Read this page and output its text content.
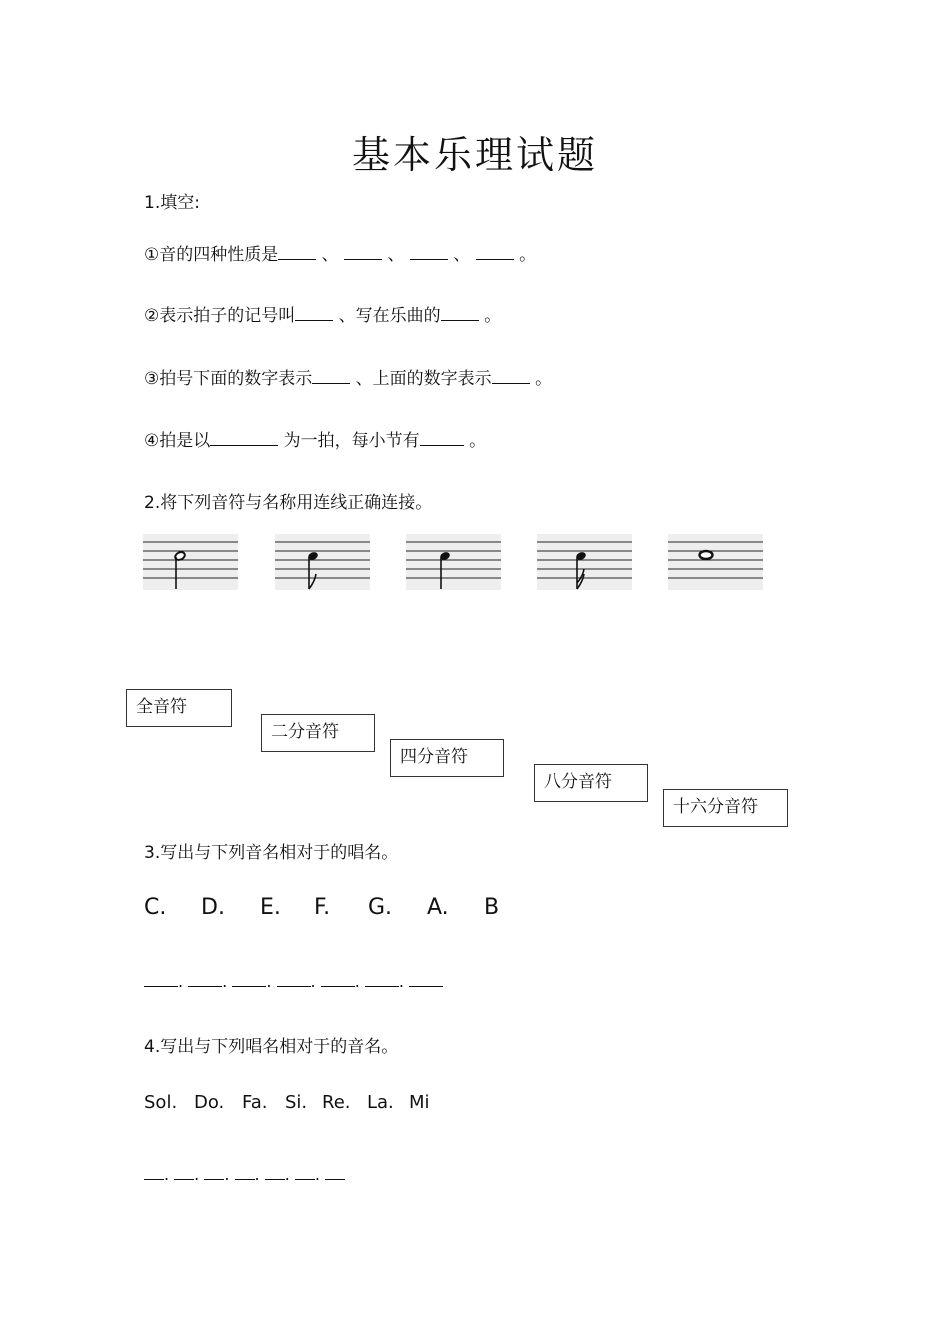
基本乐理试题
1.填空:
①音的四种性质是	、	、	、	。
②表示拍子的记号叫	、写在乐曲的	。
③拍号下面的数字表示	、上面的数字表示	。
④拍是以	为一拍，每小节有	。
2.将下列音符与名称用连线正确连接。
全音符
二分音符
四分音符
八分音符
十六分音符
3.写出与下列音名相对于的唱名。
C. D. E. F. G. A. B
. . . . . .
4.写出与下列唱名相对于的音名。
Sol. Do. Fa. Si. Re. La. Mi
. . . . . .
